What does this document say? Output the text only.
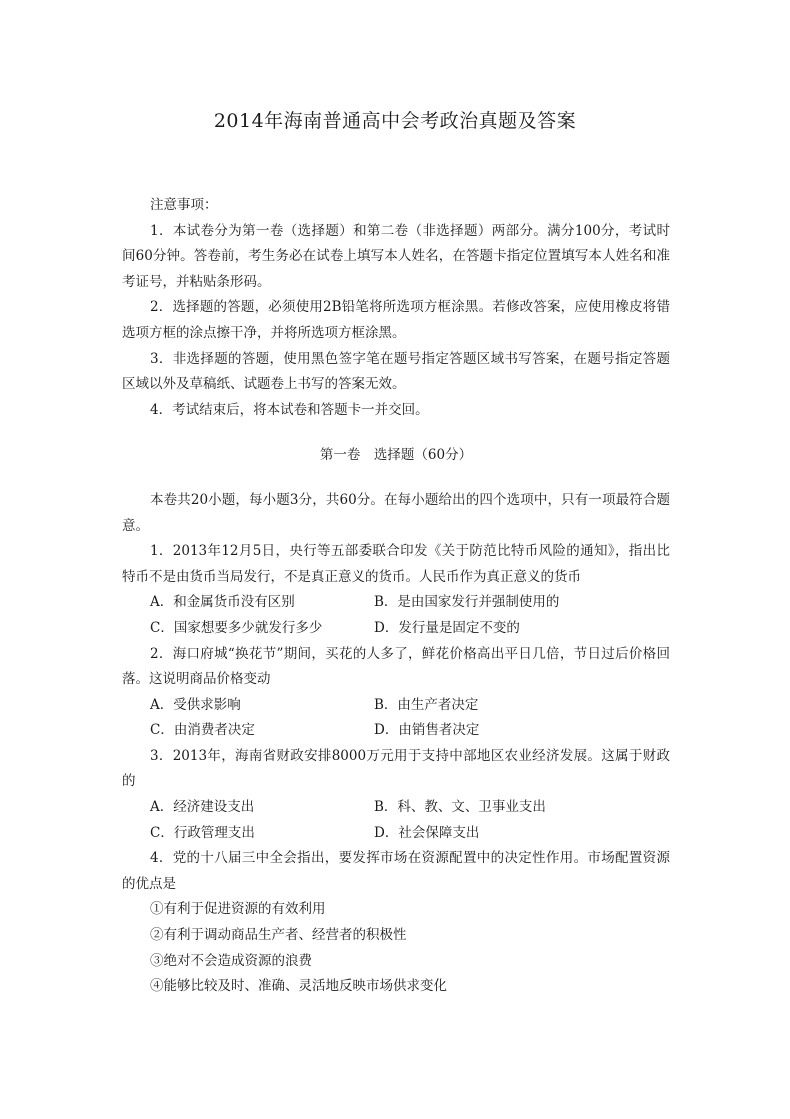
2014年海南普通高中会考政治真题及答案

注意事项：

1．本试卷分为第一卷（选择题）和第二卷（非选择题）两部分。满分100分，考试时间60分钟。答卷前，考生务必在试卷上填写本人姓名，在答题卡指定位置填写本人姓名和准考证号，并粘贴条形码。

2．选择题的答题，必须使用2B铅笔将所选项方框涂黑。若修改答案，应使用橡皮将错选项方框的涂点擦干净，并将所选项方框涂黑。

3．非选择题的答题，使用黑色签字笔在题号指定答题区域书写答案，在题号指定答题区域以外及草稿纸、试题卷上书写的答案无效。

4．考试结束后，将本试卷和答题卡一并交回。

第一卷　选择题（60分）

本卷共20小题，每小题3分，共60分。在每小题给出的四个选项中，只有一项最符合题意。

1．2013年12月5日，央行等五部委联合印发《关于防范比特币风险的通知》，指出比特币不是由货币当局发行，不是真正意义的货币。人民币作为真正意义的货币

A．和金属货币没有区别	B．是由国家发行并强制使用的
C．国家想要多少就发行多少	D．发行量是固定不变的

2．海口府城“换花节”期间，买花的人多了，鲜花价格高出平日几倍，节日过后价格回落。这说明商品价格变动

A．受供求影响	B．由生产者决定
C．由消费者决定	D．由销售者决定

3．2013年，海南省财政安排8000万元用于支持中部地区农业经济发展。这属于财政的

A．经济建设支出	B．科、教、文、卫事业支出
C．行政管理支出	D．社会保障支出

4．党的十八届三中全会指出，要发挥市场在资源配置中的决定性作用。市场配置资源的优点是

①有利于促进资源的有效利用
②有利于调动商品生产者、经营者的积极性
③绝对不会造成资源的浪费
④能够比较及时、准确、灵活地反映市场供求变化
